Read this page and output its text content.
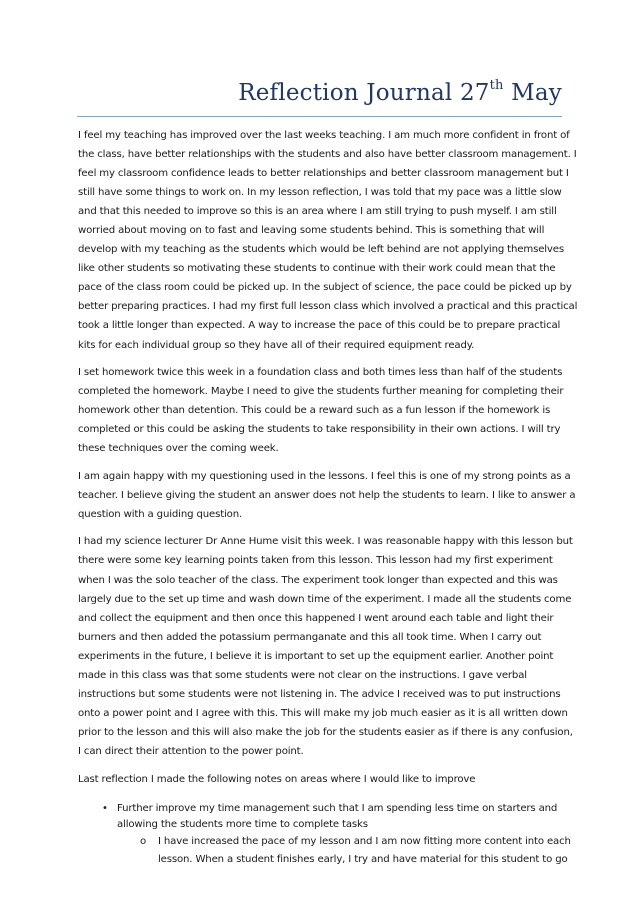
Reflection Journal 27th May
I feel my teaching has improved over the last weeks teaching. I am much more confident in front of
the class, have better relationships with the students and also have better classroom management. I
feel my classroom confidence leads to better relationships and better classroom management but I
still have some things to work on. In my lesson reflection, I was told that my pace was a little slow
and that this needed to improve so this is an area where I am still trying to push myself. I am still
worried about moving on to fast and leaving some students behind. This is something that will
develop with my teaching as the students which would be left behind are not applying themselves
like other students so motivating these students to continue with their work could mean that the
pace of the class room could be picked up. In the subject of science, the pace could be picked up by
better preparing practices. I had my first full lesson class which involved a practical and this practical
took a little longer than expected. A way to increase the pace of this could be to prepare practical
kits for each individual group so they have all of their required equipment ready.
I set homework twice this week in a foundation class and both times less than half of the students
completed the homework. Maybe I need to give the students further meaning for completing their
homework other than detention. This could be a reward such as a fun lesson if the homework is
completed or this could be asking the students to take responsibility in their own actions. I will try
these techniques over the coming week.
I am again happy with my questioning used in the lessons. I feel this is one of my strong points as a
teacher. I believe giving the student an answer does not help the students to learn. I like to answer a
question with a guiding question.
I had my science lecturer Dr Anne Hume visit this week. I was reasonable happy with this lesson but
there were some key learning points taken from this lesson. This lesson had my first experiment
when I was the solo teacher of the class. The experiment took longer than expected and this was
largely due to the set up time and wash down time of the experiment. I made all the students come
and collect the equipment and then once this happened I went around each table and light their
burners and then added the potassium permanganate and this all took time. When I carry out
experiments in the future, I believe it is important to set up the equipment earlier. Another point
made in this class was that some students were not clear on the instructions. I gave verbal
instructions but some students were not listening in. The advice I received was to put instructions
onto a power point and I agree with this. This will make my job much easier as it is all written down
prior to the lesson and this will also make the job for the students easier as if there is any confusion,
I can direct their attention to the power point.
Last reflection I made the following notes on areas where I would like to improve
• Further improve my time management such that I am spending less time on starters and
allowing the students more time to complete tasks
o I have increased the pace of my lesson and I am now fitting more content into each
lesson. When a student finishes early, I try and have material for this student to go
